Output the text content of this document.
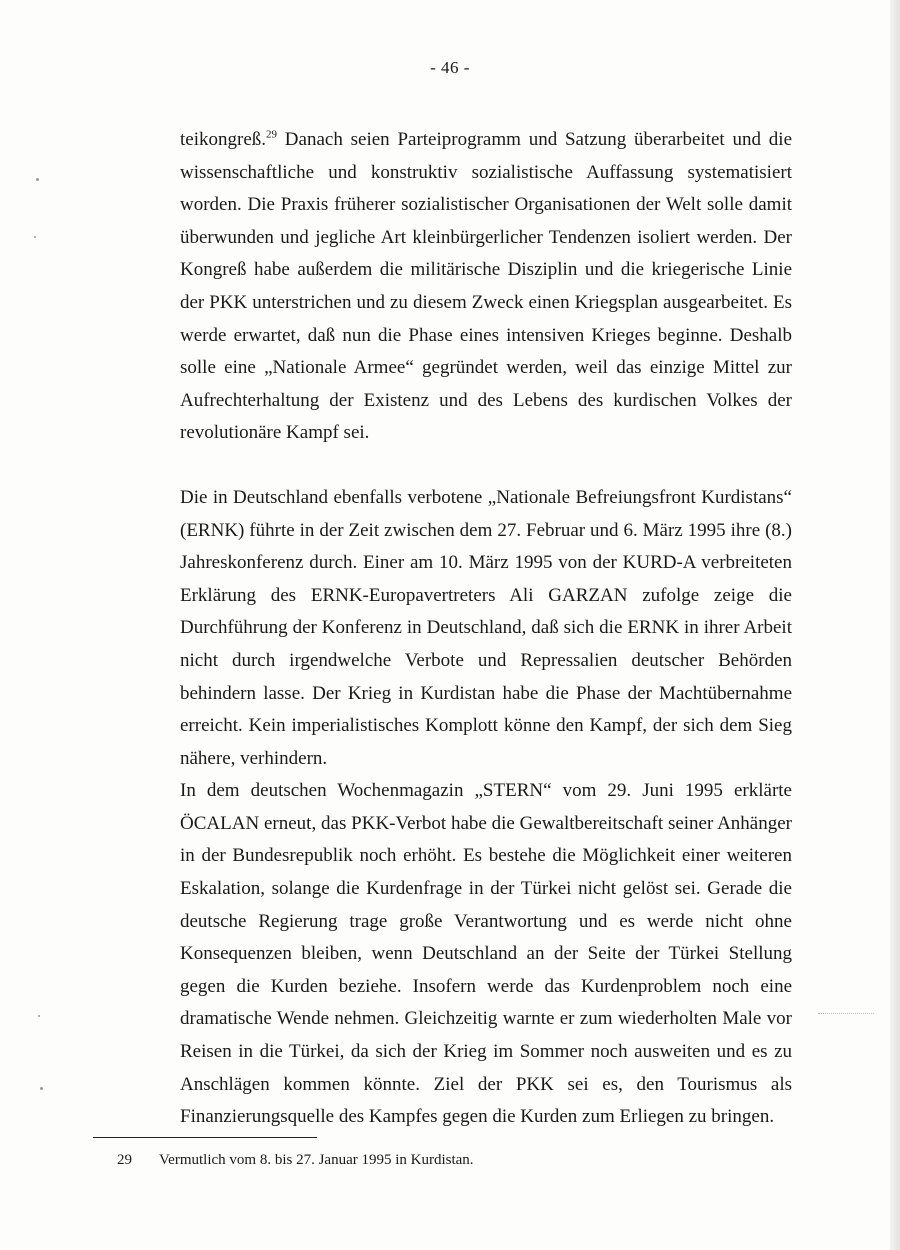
- 46 -

teikongreß.$^{29}$ Danach seien Parteiprogramm und Satzung überarbeitet und die wissenschaftliche und konstruktiv sozialistische Auffassung systematisiert worden. Die Praxis früherer sozialistischer Organisationen der Welt solle damit überwunden und jegliche Art kleinbürgerlicher Tendenzen isoliert werden. Der Kongreß habe außerdem die militärische Disziplin und die kriegerische Linie der PKK unterstrichen und zu diesem Zweck einen Kriegsplan ausgearbeitet. Es werde erwartet, daß nun die Phase eines intensiven Krieges beginne. Deshalb solle eine „Nationale Armee“ gegründet werden, weil das einzige Mittel zur Aufrechterhaltung der Existenz und des Lebens des kurdischen Volkes der revolutionäre Kampf sei.

Die in Deutschland ebenfalls verbotene „Nationale Befreiungsfront Kurdistans“ (ERNK) führte in der Zeit zwischen dem 27. Februar und 6. März 1995 ihre (8.) Jahreskonferenz durch. Einer am 10. März 1995 von der KURD-A verbreiteten Erklärung des ERNK-Europavertreters Ali GARZAN zufolge zeige die Durchführung der Konferenz in Deutschland, daß sich die ERNK in ihrer Arbeit nicht durch irgendwelche Verbote und Repressalien deutscher Behörden behindern lasse. Der Krieg in Kurdistan habe die Phase der Machtübernahme erreicht. Kein imperialistisches Komplott könne den Kampf, der sich dem Sieg nähere, verhindern.

In dem deutschen Wochenmagazin „STERN“ vom 29. Juni 1995 erklärte ÖCALAN erneut, das PKK-Verbot habe die Gewaltbereitschaft seiner Anhänger in der Bundesrepublik noch erhöht. Es bestehe die Möglichkeit einer weiteren Eskalation, solange die Kurdenfrage in der Türkei nicht gelöst sei. Gerade die deutsche Regierung trage große Verantwortung und es werde nicht ohne Konsequenzen bleiben, wenn Deutschland an der Seite der Türkei Stellung gegen die Kurden beziehe. Insofern werde das Kurdenproblem noch eine dramatische Wende nehmen. Gleichzeitig warnte er zum wiederholten Male vor Reisen in die Türkei, da sich der Krieg im Sommer noch ausweiten und es zu Anschlägen kommen könnte. Ziel der PKK sei es, den Tourismus als Finanzierungsquelle des Kampfes gegen die Kurden zum Erliegen zu bringen.

29 Vermutlich vom 8. bis 27. Januar 1995 in Kurdistan.
